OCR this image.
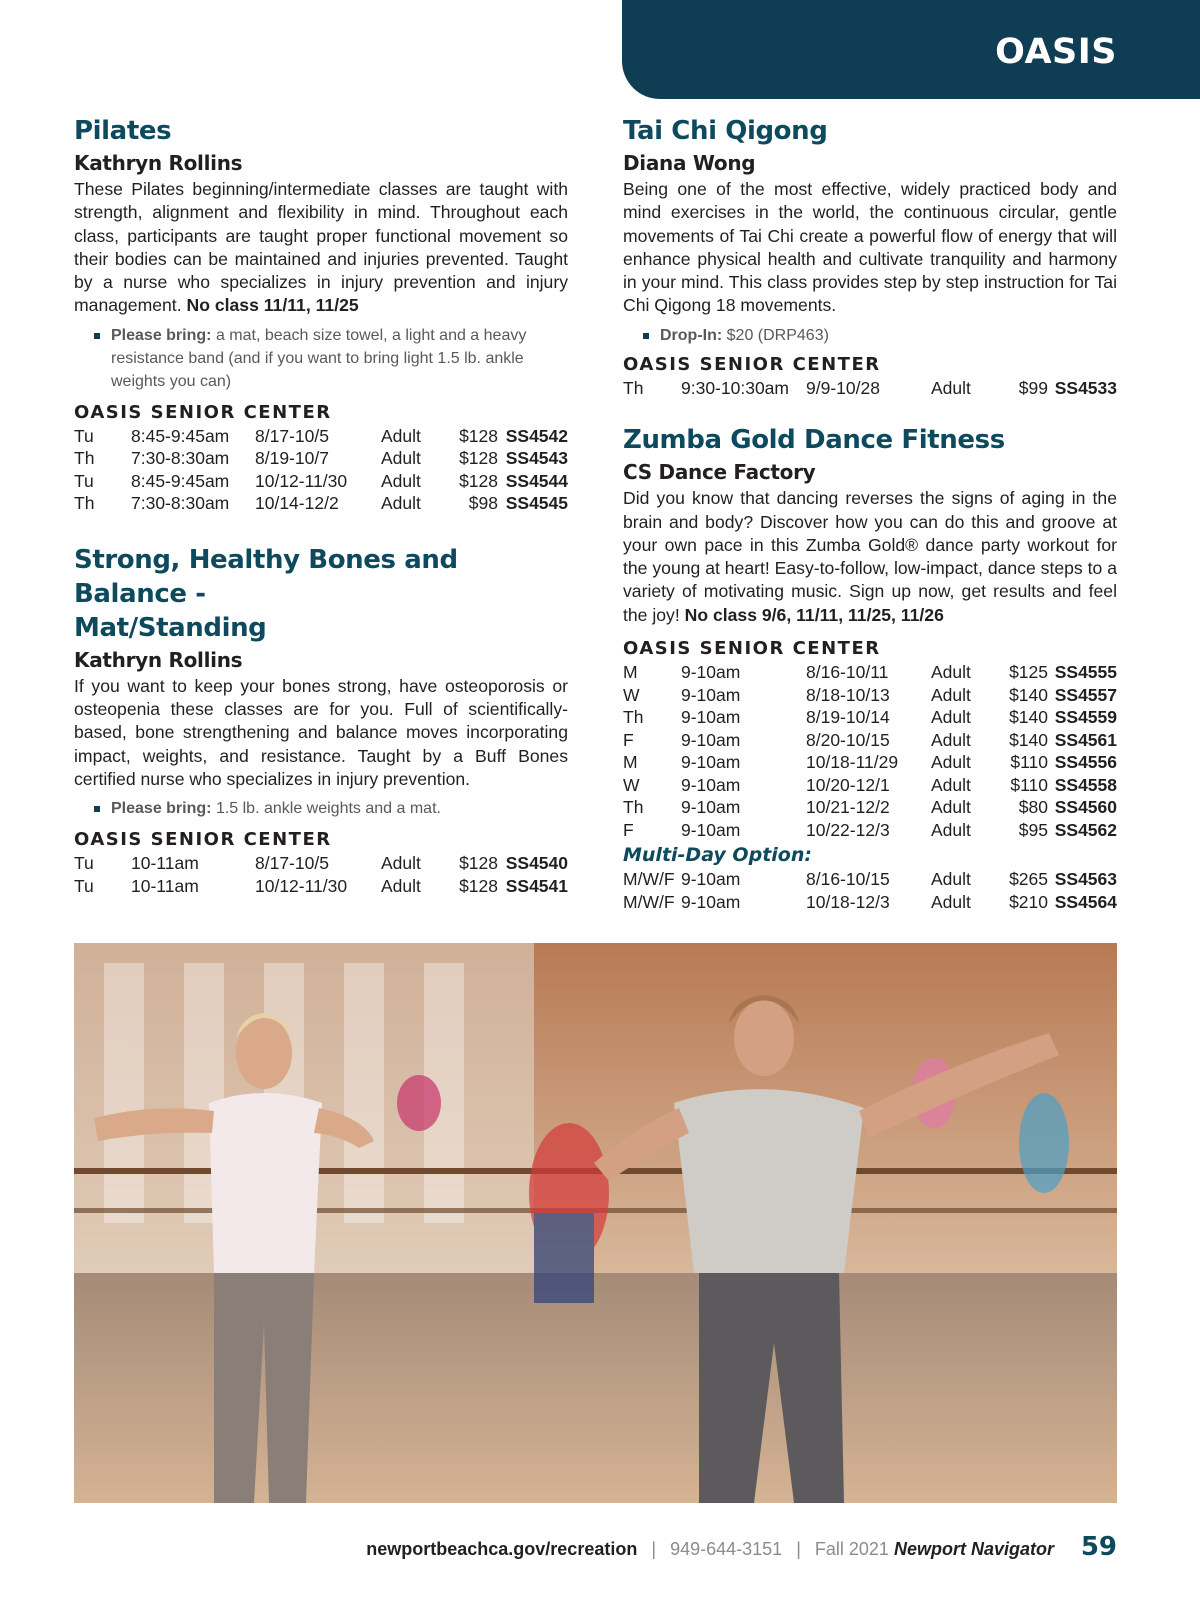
OASIS
Pilates
Kathryn Rollins

These Pilates beginning/intermediate classes are taught with strength, alignment and flexibility in mind. Throughout each class, participants are taught proper functional movement so their bodies can be maintained and injuries prevented. Taught by a nurse who specializes in injury prevention and injury management. No class 11/11, 11/25

Please bring: a mat, beach size towel, a light and a heavy resistance band (and if you want to bring light 1.5 lb. ankle weights you can)
OASIS SENIOR CENTER
Tu	8:45-9:45am	8/17-10/5	Adult	$128	SS4542
Th	7:30-8:30am	8/19-10/7	Adult	$128	SS4543
Tu	8:45-9:45am	10/12-11/30	Adult	$128	SS4544
Th	7:30-8:30am	10/14-12/2	Adult	$98	SS4545
Strong, Healthy Bones and Balance -
Mat/Standing
Kathryn Rollins

If you want to keep your bones strong, have osteoporosis or osteopenia these classes are for you. Full of scientifically-based, bone strengthening and balance moves incorporating impact, weights, and resistance. Taught by a Buff Bones certified nurse who specializes in injury prevention.

Please bring: 1.5 lb. ankle weights and a mat.
OASIS SENIOR CENTER
Tu	10-11am	8/17-10/5	Adult	$128	SS4540
Tu	10-11am	10/12-11/30	Adult	$128	SS4541
Tai Chi Qigong
Diana Wong

Being one of the most effective, widely practiced body and mind exercises in the world, the continuous circular, gentle movements of Tai Chi create a powerful flow of energy that will enhance physical health and cultivate tranquility and harmony in your mind. This class provides step by step instruction for Tai Chi Qigong 18 movements.

Drop-In: $20 (DRP463)
OASIS SENIOR CENTER
Th	9:30-10:30am	9/9-10/28	Adult	$99	SS4533
Zumba Gold Dance Fitness
CS Dance Factory

Did you know that dancing reverses the signs of aging in the brain and body? Discover how you can do this and groove at your own pace in this Zumba Gold® dance party workout for the young at heart! Easy-to-follow, low-impact, dance steps to a variety of motivating music. Sign up now, get results and feel the joy! No class 9/6, 11/11, 11/25, 11/26

OASIS SENIOR CENTER
M	9-10am	8/16-10/11	Adult	$125	SS4555
W	9-10am	8/18-10/13	Adult	$140	SS4557
Th	9-10am	8/19-10/14	Adult	$140	SS4559
F	9-10am	8/20-10/15	Adult	$140	SS4561
M	9-10am	10/18-11/29	Adult	$110	SS4556
W	9-10am	10/20-12/1	Adult	$110	SS4558
Th	9-10am	10/21-12/2	Adult	$80	SS4560
F	9-10am	10/22-12/3	Adult	$95	SS4562
Multi-Day Option:
M/W/F	9-10am	8/16-10/15	Adult	$265	SS4563
M/W/F	9-10am	10/18-12/3	Adult	$210	SS4564
newportbeachca.gov/recreation | 949-644-3151 | Fall 2021 Newport Navigator 59
